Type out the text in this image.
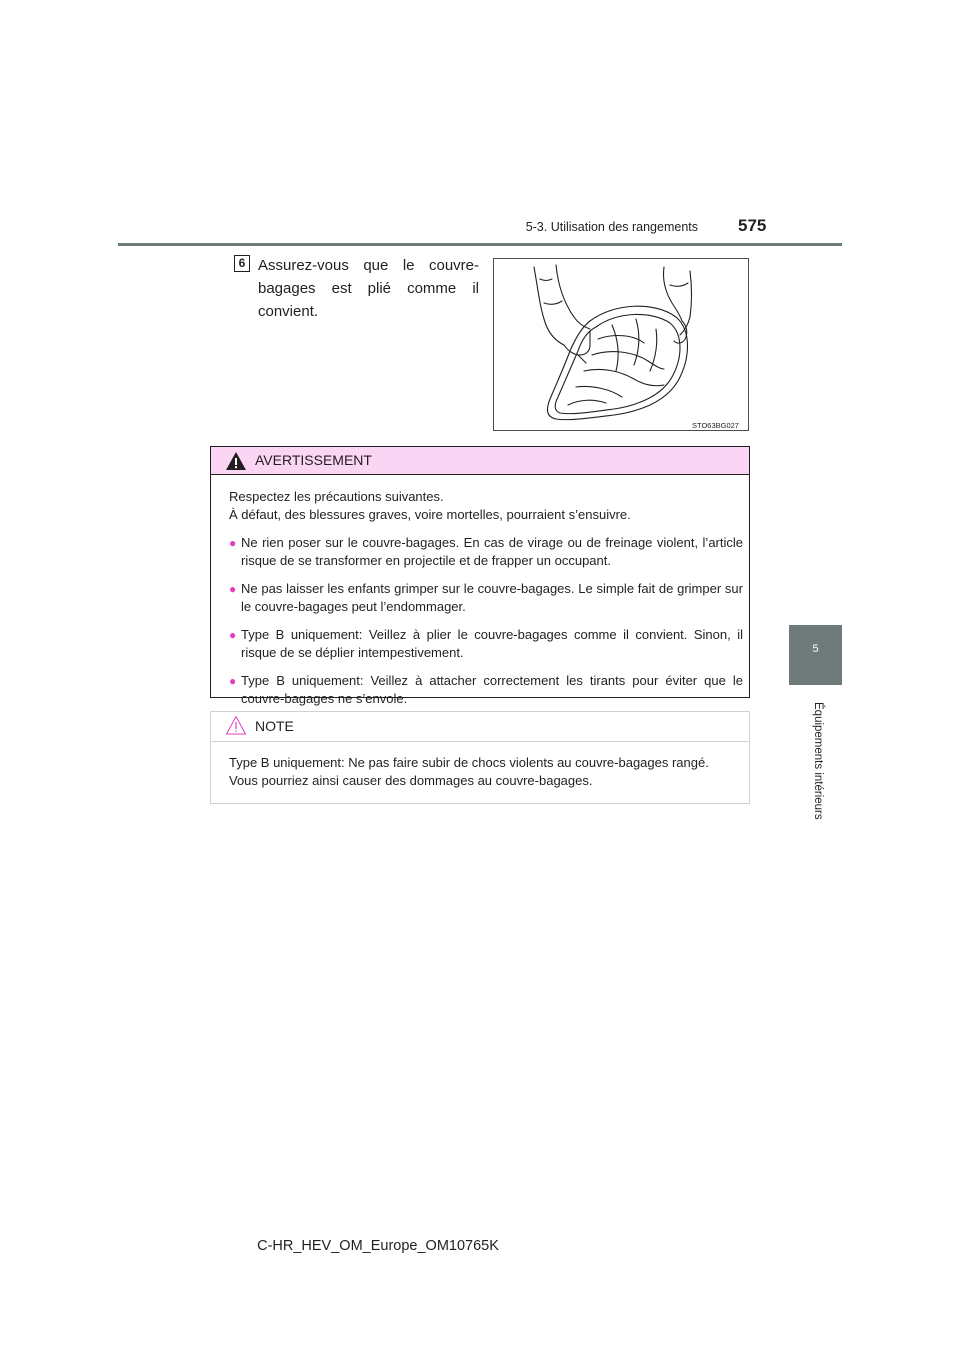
5-3. Utilisation des rangements 575
5
Équipements intérieurs
6 Assurez-vous que le couvre-bagages est plié comme il convient.
STO63BG027
AVERTISSEMENT

Respectez les précautions suivantes.

À défaut, des blessures graves, voire mortelles, pourraient s’ensuivre.

● Ne rien poser sur le couvre-bagages. En cas de virage ou de freinage violent, l’article risque de se transformer en projectile et de frapper un occupant.
● Ne pas laisser les enfants grimper sur le couvre-bagages. Le simple fait de grimper sur le couvre-bagages peut l’endommager.
● Type B uniquement: Veillez à plier le couvre-bagages comme il convient. Sinon, il risque de se déplier intempestivement.
● Type B uniquement: Veillez à attacher correctement les tirants pour éviter que le couvre-bagages ne s’envole.
NOTE

Type B uniquement: Ne pas faire subir de chocs violents au couvre-bagages rangé.

Vous pourriez ainsi causer des dommages au couvre-bagages.

C-HR_HEV_OM_Europe_OM10765K
